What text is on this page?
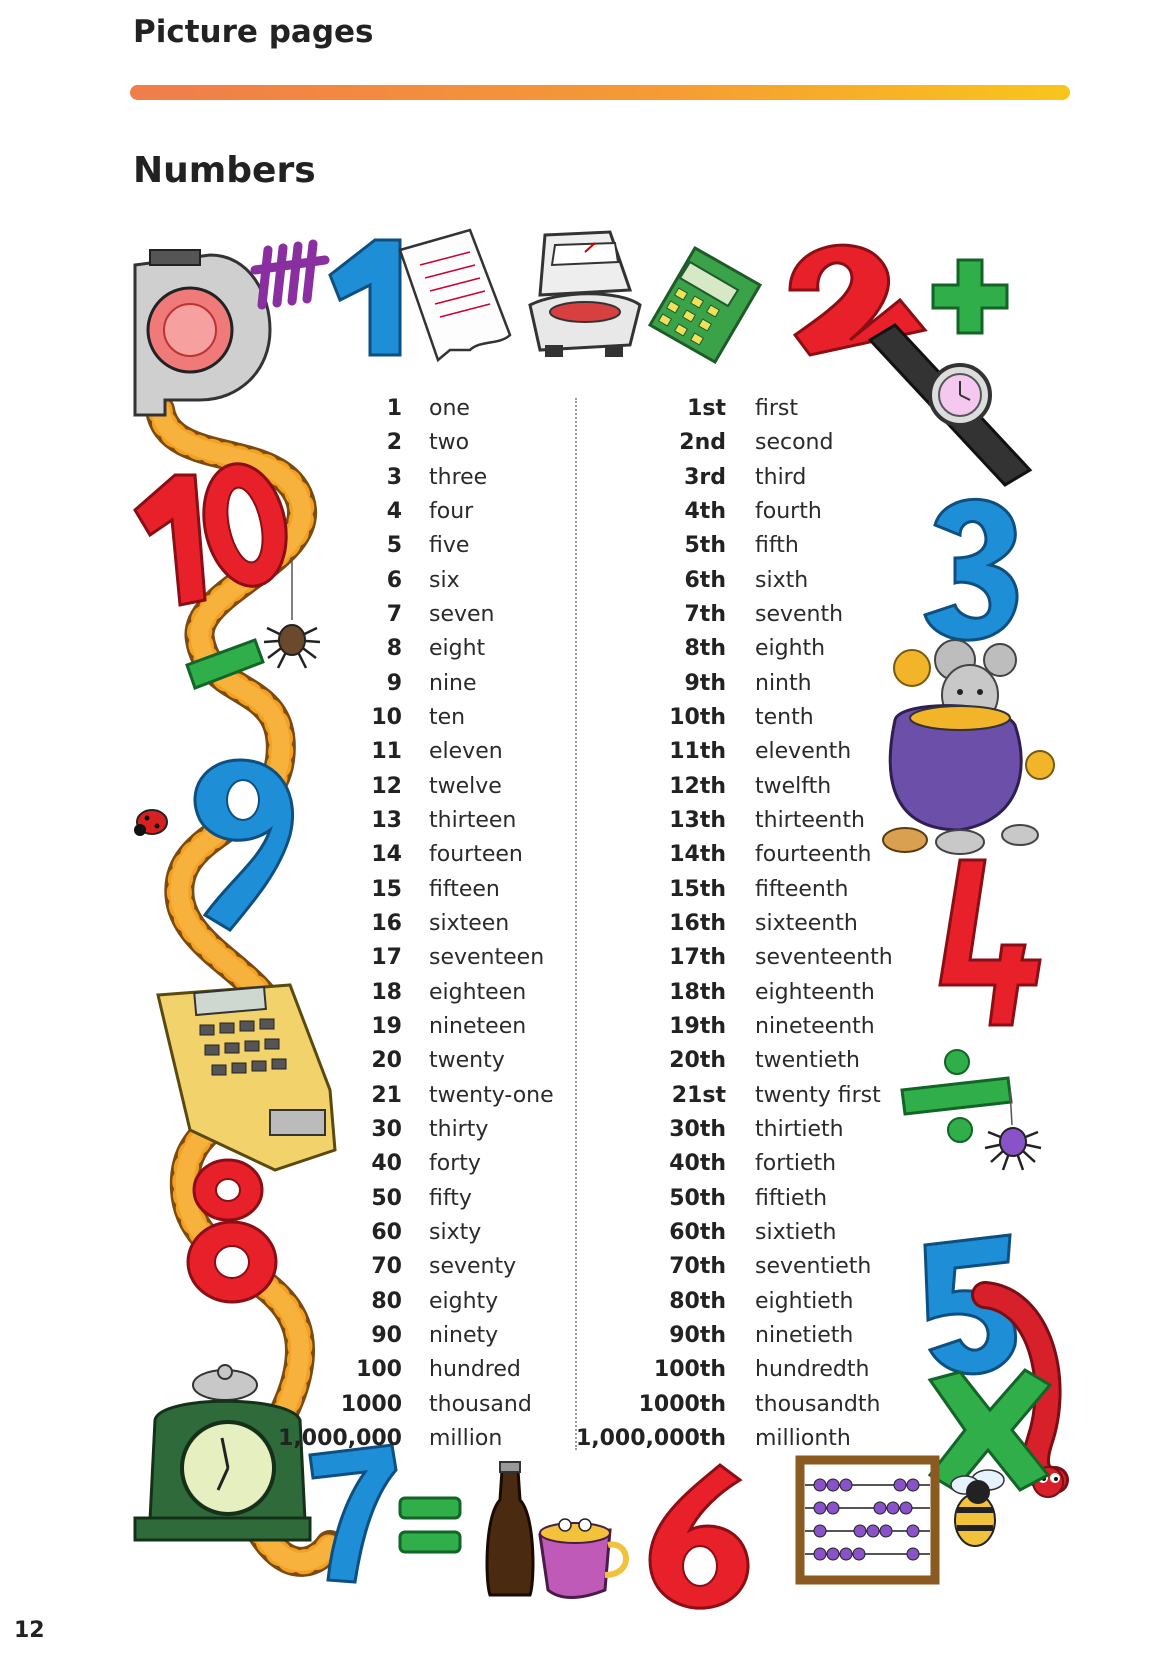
Picture pages
Numbers
1
2
3
4
5
6
7
8
9
10
11
12
13
14
15
16
17
18
19
20
21
30
40
50
60
70
80
90
100
1000
1,000,000
one
two
three
four
five
six
seven
eight
nine
ten
eleven
twelve
thirteen
fourteen
fifteen
sixteen
seventeen
eighteen
nineteen
twenty
twenty-one
thirty
forty
fifty
sixty
seventy
eighty
ninety
hundred
thousand
million
1st
2nd
3rd
4th
5th
6th
7th
8th
9th
10th
11th
12th
13th
14th
15th
16th
17th
18th
19th
20th
21st
30th
40th
50th
60th
70th
80th
90th
100th
1000th
1,000,000th
first
second
third
fourth
fifth
sixth
seventh
eighth
ninth
tenth
eleventh
twelfth
thirteenth
fourteenth
fifteenth
sixteenth
seventeenth
eighteenth
nineteenth
twentieth
twenty first
thirtieth
fortieth
fiftieth
sixtieth
seventieth
eightieth
ninetieth
hundredth
thousandth
millionth
12
